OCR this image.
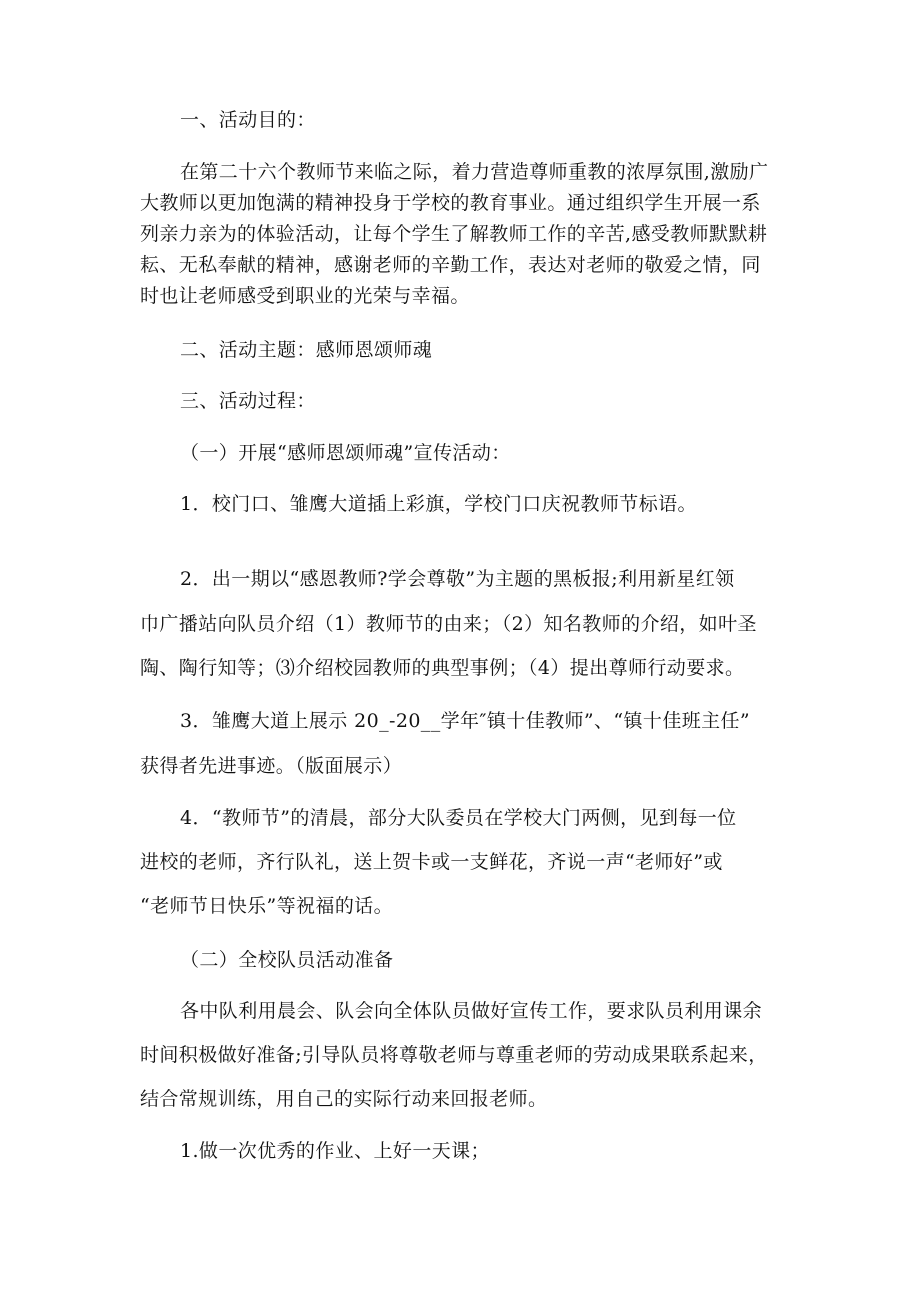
一、活动目的：
在第二十六个教师节来临之际，着力营造尊师重教的浓厚氛围,激励广
大教师以更加饱满的精神投身于学校的教育事业。通过组织学生开展一系
列亲力亲为的体验活动，让每个学生了解教师工作的辛苦,感受教师默默耕
耘、无私奉献的精神，感谢老师的辛勤工作，表达对老师的敬爱之情，同
时也让老师感受到职业的光荣与幸福。
二、活动主题：感师恩颂师魂
三、活动过程：
（一）开展“感师恩颂师魂”宣传活动：
1．校门口、雏鹰大道插上彩旗，学校门口庆祝教师节标语。
2．出一期以“感恩教师?学会尊敬”为主题的黑板报;利用新星红领
巾广播站向队员介绍（1）教师节的由来；（2）知名教师的介绍，如叶圣
陶、陶行知等；⑶介绍校园教师的典型事例；（4）提出尊师行动要求。
3．雏鹰大道上展示 20_-20__学年″镇十佳教师”、“镇十佳班主任”
获得者先进事迹。（版面展示）
4．“教师节”的清晨，部分大队委员在学校大门两侧，见到每一位
进校的老师，齐行队礼，送上贺卡或一支鲜花，齐说一声“老师好”或
“老师节日快乐”等祝福的话。
（二）全校队员活动准备
各中队利用晨会、队会向全体队员做好宣传工作，要求队员利用课余
时间积极做好准备;引导队员将尊敬老师与尊重老师的劳动成果联系起来，
结合常规训练，用自己的实际行动来回报老师。
1.做一次优秀的作业、上好一天课；
